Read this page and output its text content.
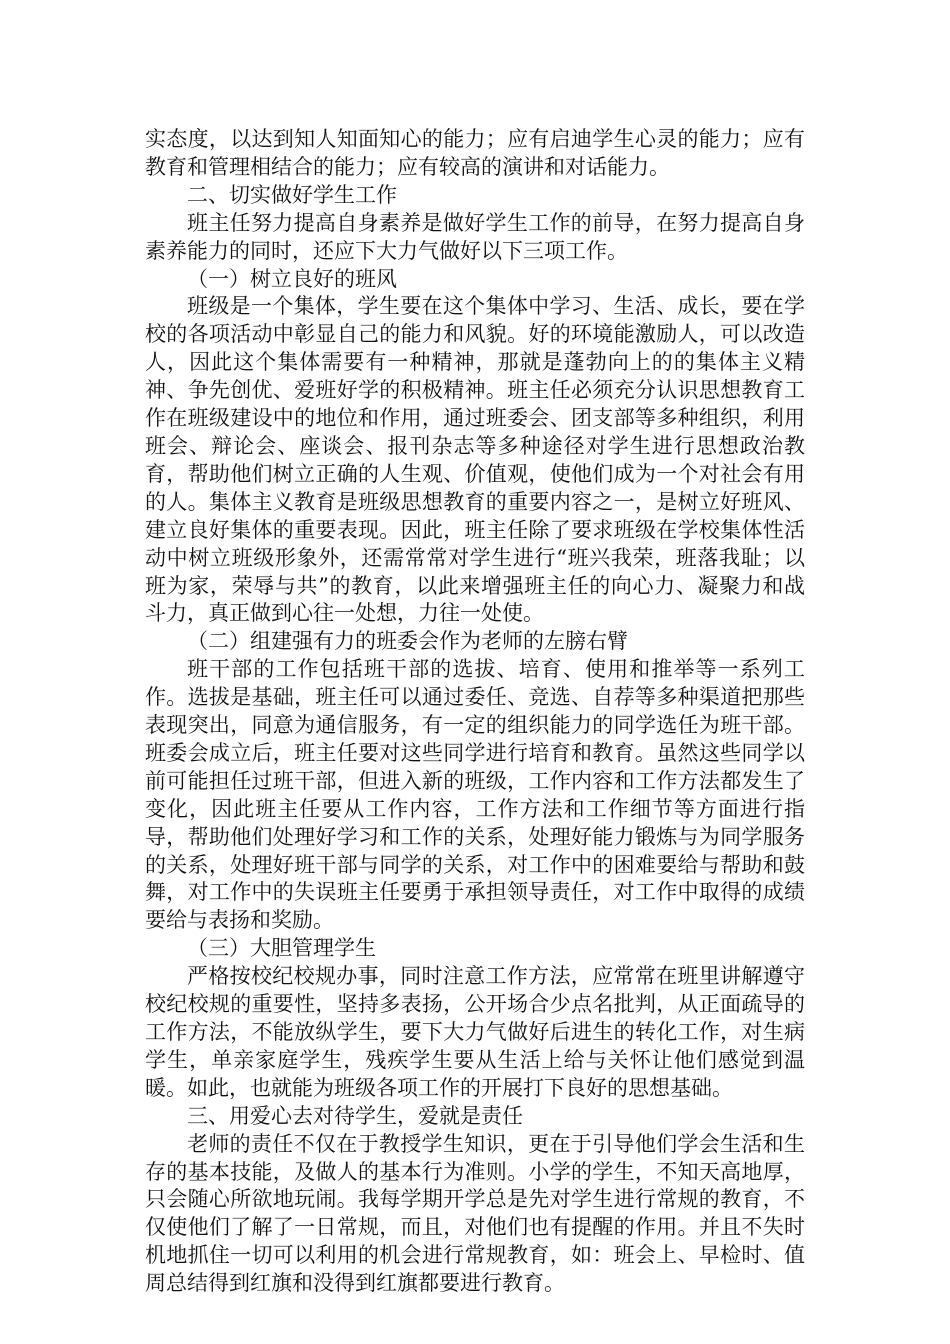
实态度，以达到知人知面知心的能力；应有启迪学生心灵的能力；应有教育和管理相结合的能力；应有较高的演讲和对话能力。

二、切实做好学生工作

班主任努力提高自身素养是做好学生工作的前导，在努力提高自身素养能力的同时，还应下大力气做好以下三项工作。

（一）树立良好的班风

班级是一个集体，学生要在这个集体中学习、生活、成长，要在学校的各项活动中彰显自己的能力和风貌。好的环境能激励人，可以改造人，因此这个集体需要有一种精神，那就是蓬勃向上的的集体主义精神、争先创优、爱班好学的积极精神。班主任必须充分认识思想教育工作在班级建设中的地位和作用，通过班委会、团支部等多种组织，利用班会、辩论会、座谈会、报刊杂志等多种途径对学生进行思想政治教育，帮助他们树立正确的人生观、价值观，使他们成为一个对社会有用的人。集体主义教育是班级思想教育的重要内容之一，是树立好班风、建立良好集体的重要表现。因此，班主任除了要求班级在学校集体性活动中树立班级形象外，还需常常对学生进行“班兴我荣，班落我耻；以班为家，荣辱与共”的教育，以此来增强班主任的向心力、凝聚力和战斗力，真正做到心往一处想，力往一处使。

（二）组建强有力的班委会作为老师的左膀右臂

班干部的工作包括班干部的选拔、培育、使用和推举等一系列工作。选拔是基础，班主任可以通过委任、竞选、自荐等多种渠道把那些表现突出，同意为通信服务，有一定的组织能力的同学选任为班干部。班委会成立后，班主任要对这些同学进行培育和教育。虽然这些同学以前可能担任过班干部，但进入新的班级，工作内容和工作方法都发生了变化，因此班主任要从工作内容，工作方法和工作细节等方面进行指导，帮助他们处理好学习和工作的关系，处理好能力锻炼与为同学服务的关系，处理好班干部与同学的关系，对工作中的困难要给与帮助和鼓舞，对工作中的失误班主任要勇于承担领导责任，对工作中取得的成绩要给与表扬和奖励。

（三）大胆管理学生

严格按校纪校规办事，同时注意工作方法，应常常在班里讲解遵守校纪校规的重要性，坚持多表扬，公开场合少点名批判，从正面疏导的工作方法，不能放纵学生，要下大力气做好后进生的转化工作，对生病学生，单亲家庭学生，残疾学生要从生活上给与关怀让他们感觉到温暖。如此，也就能为班级各项工作的开展打下良好的思想基础。

三、用爱心去对待学生，爱就是责任

老师的责任不仅在于教授学生知识，更在于引导他们学会生活和生存的基本技能，及做人的基本行为准则。小学的学生，不知天高地厚，只会随心所欲地玩闹。我每学期开学总是先对学生进行常规的教育，不仅使他们了解了一日常规，而且，对他们也有提醒的作用。并且不失时机地抓住一切可以利用的机会进行常规教育，如：班会上、早检时、值周总结得到红旗和没得到红旗都要进行教育。
